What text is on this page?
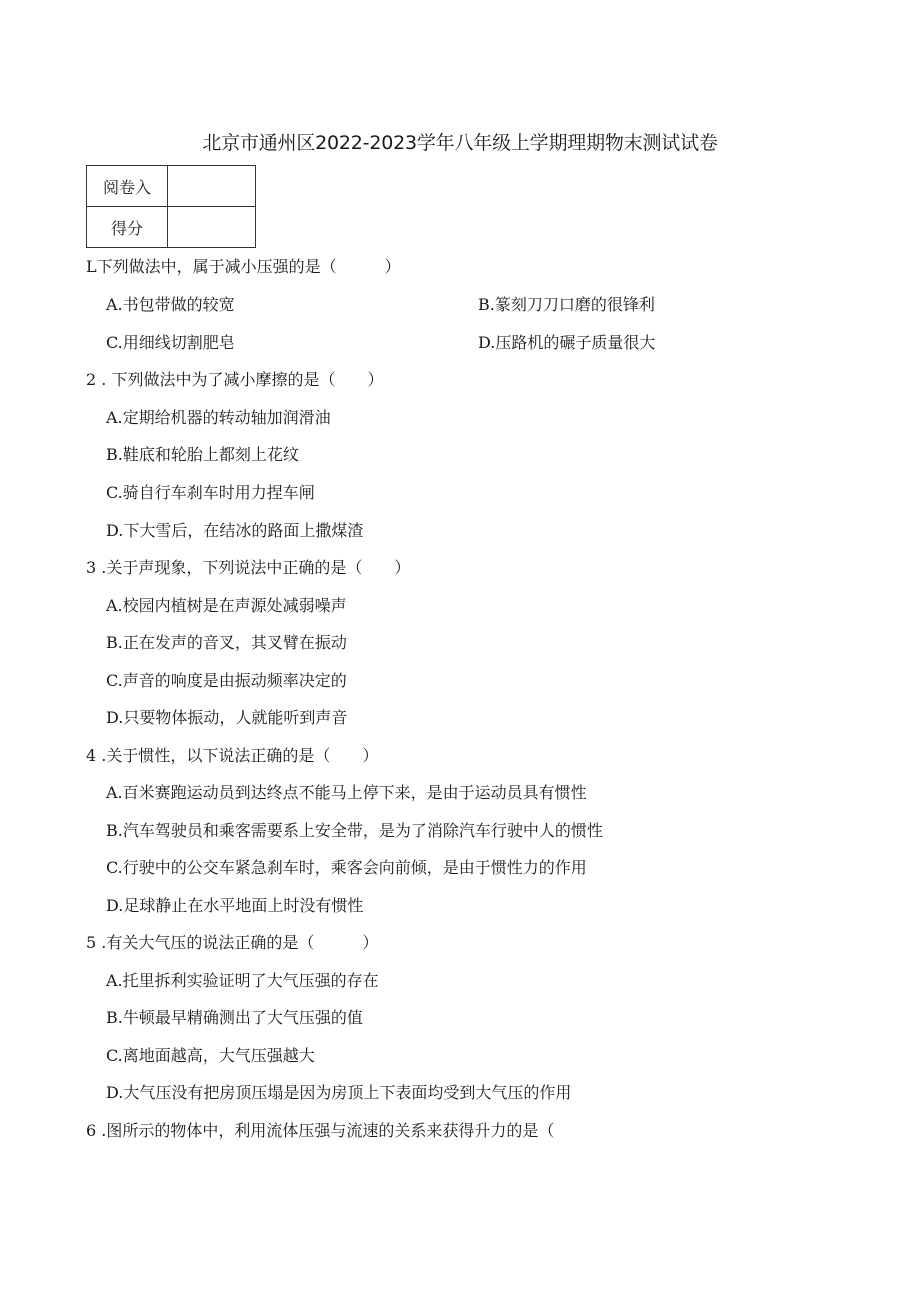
北京市通州区2022-2023学年八年级上学期理期物末测试试卷
阅卷入	
得分	

L下列做法中，属于减小压强的是（　　　）

A.书包带做的较宽	B.篆刻刀刀口磨的很锋利

C.用细线切割肥皂	D.压路机的碾子质量很大

2 . 下列做法中为了减小摩擦的是（　　）

A.定期给机器的转动轴加润滑油

B.鞋底和轮胎上都刻上花纹

C.骑自行车刹车时用力捏车闸

D.下大雪后，在结冰的路面上撒煤渣

3 .关于声现象，下列说法中正确的是（　　）

A.校园内植树是在声源处减弱噪声

B.正在发声的音叉，其叉臂在振动

C.声音的响度是由振动频率决定的

D.只要物体振动，人就能听到声音

4 .关于惯性，以下说法正确的是（　　）

A.百米赛跑运动员到达终点不能马上停下来，是由于运动员具有惯性

B.汽车驾驶员和乘客需要系上安全带，是为了消除汽车行驶中人的惯性

C.行驶中的公交车紧急刹车时，乘客会向前倾，是由于惯性力的作用

D.足球静止在水平地面上时没有惯性

5 .有关大气压的说法正确的是（　　　）

A.托里拆利实验证明了大气压强的存在

B.牛顿最早精确测出了大气压强的值

C.离地面越高，大气压强越大

D.大气压没有把房顶压塌是因为房顶上下表面均受到大气压的作用

6 .图所示的物体中，利用流体压强与流速的关系来获得升力的是（
